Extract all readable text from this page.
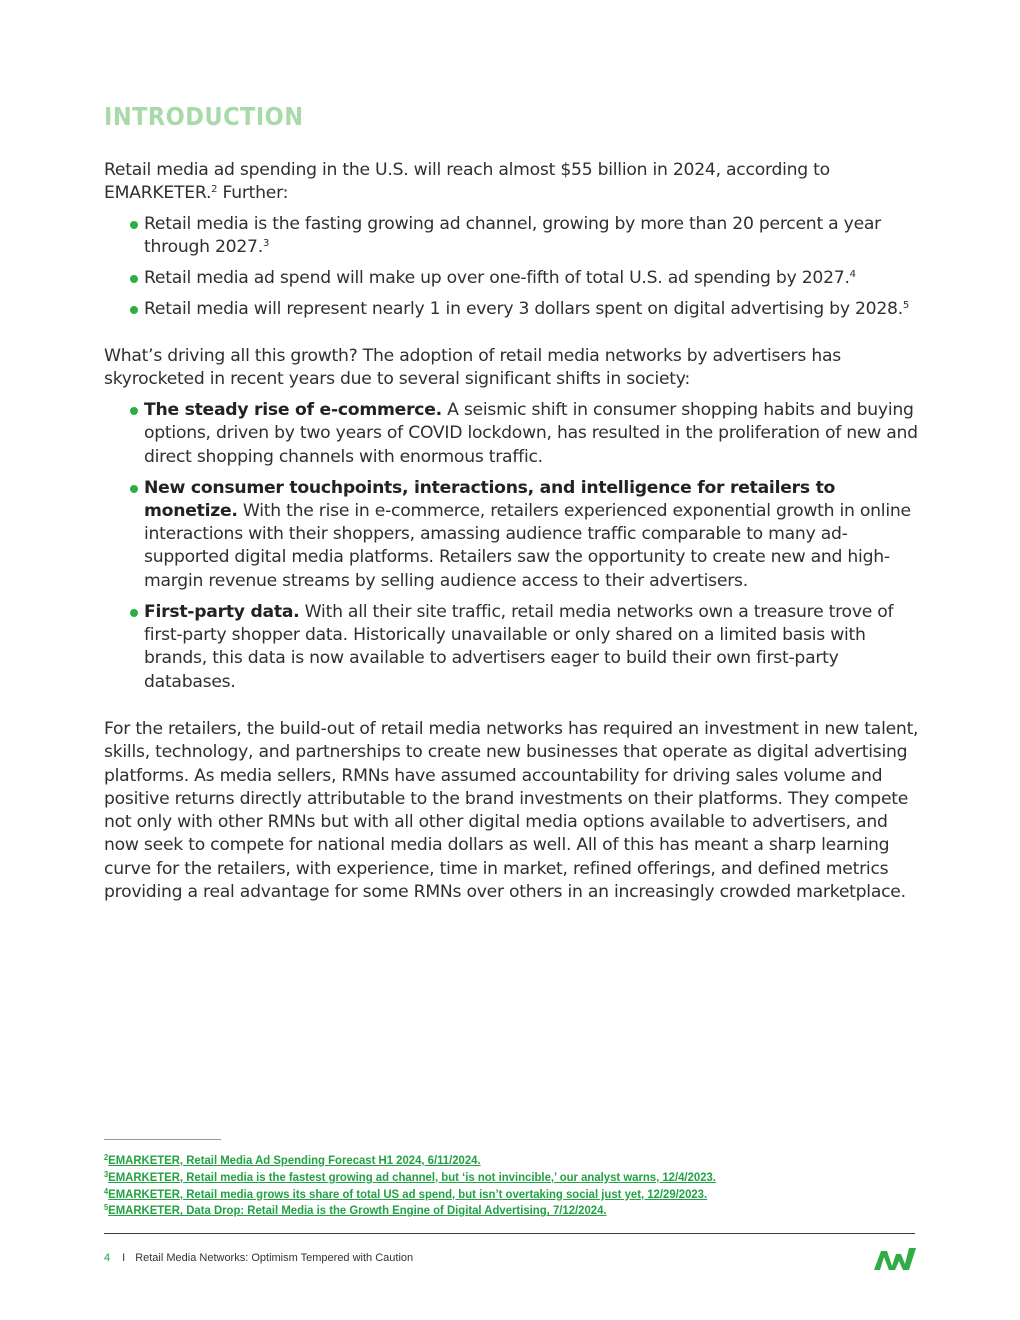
INTRODUCTION

Retail media ad spending in the U.S. will reach almost $55 billion in 2024, according to EMARKETER.$^2$ Further:

Retail media is the fasting growing ad channel, growing by more than 20 percent a year through 2027.$^3$
Retail media ad spend will make up over one-fifth of total U.S. ad spending by 2027.$^4$
Retail media will represent nearly 1 in every 3 dollars spent on digital advertising by 2028.$^5$

What’s driving all this growth? The adoption of retail media networks by advertisers has skyrocketed in recent years due to several significant shifts in society:

The steady rise of e-commerce. A seismic shift in consumer shopping habits and buying options, driven by two years of COVID lockdown, has resulted in the proliferation of new and direct shopping channels with enormous traffic.
New consumer touchpoints, interactions, and intelligence for retailers to monetize. With the rise in e-commerce, retailers experienced exponential growth in online interactions with their shoppers, amassing audience traffic comparable to many ad-supported digital media platforms. Retailers saw the opportunity to create new and high-margin revenue streams by selling audience access to their advertisers.
First-party data. With all their site traffic, retail media networks own a treasure trove of first-party shopper data. Historically unavailable or only shared on a limited basis with brands, this data is now available to advertisers eager to build their own first-party databases.

For the retailers, the build-out of retail media networks has required an investment in new talent, skills, technology, and partnerships to create new businesses that operate as digital advertising platforms. As media sellers, RMNs have assumed accountability for driving sales volume and positive returns directly attributable to the brand investments on their platforms. They compete not only with other RMNs but with all other digital media options available to advertisers, and now seek to compete for national media dollars as well. All of this has meant a sharp learning curve for the retailers, with experience, time in market, refined offerings, and defined metrics providing a real advantage for some RMNs over others in an increasingly crowded marketplace.

$^2$EMARKETER, Retail Media Ad Spending Forecast H1 2024, 6/11/2024.
$^3$EMARKETER, Retail media is the fastest growing ad channel, but ‘is not invincible,’ our analyst warns, 12/4/2023.
$^4$EMARKETER, Retail media grows its share of total US ad spend, but isn’t overtaking social just yet, 12/29/2023.
$^5$EMARKETER, Data Drop: Retail Media is the Growth Engine of Digital Advertising, 7/12/2024.
4 I Retail Media Networks: Optimism Tempered with Caution
